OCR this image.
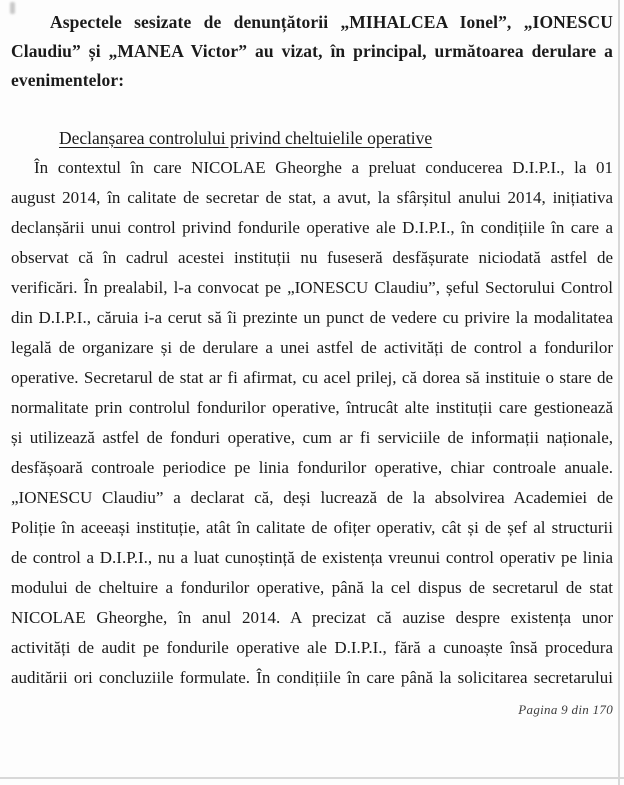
Aspectele sesizate de denunțătorii „MIHALCEA Ionel”, „IONESCU
Claudiu” și „MANEA Victor” au vizat, în principal, următoarea derulare a
evenimentelor:
Declanșarea controlului privind cheltuielile operative
În contextul în care NICOLAE Gheorghe a preluat conducerea D.I.P.I., la 01
august 2014, în calitate de secretar de stat, a avut, la sfârșitul anului 2014, inițiativa
declanșării unui control privind fondurile operative ale D.I.P.I., în condițiile în care a
observat că în cadrul acestei instituții nu fuseseră desfășurate niciodată astfel de
verificări. În prealabil, l-a convocat pe „IONESCU Claudiu”, șeful Sectorului Control
din D.I.P.I., căruia i-a cerut să îi prezinte un punct de vedere cu privire la modalitatea
legală de organizare și de derulare a unei astfel de activități de control a fondurilor
operative. Secretarul de stat ar fi afirmat, cu acel prilej, că dorea să instituie o stare de
normalitate prin controlul fondurilor operative, întrucât alte instituții care gestionează
și utilizează astfel de fonduri operative, cum ar fi serviciile de informații naționale,
desfășoară controale periodice pe linia fondurilor operative, chiar controale anuale.
„IONESCU Claudiu” a declarat că, deși lucrează de la absolvirea Academiei de
Poliție în aceeași instituție, atât în calitate de ofițer operativ, cât și de șef al structurii
de control a D.I.P.I., nu a luat cunoștință de existența vreunui control operativ pe linia
modului de cheltuire a fondurilor operative, până la cel dispus de secretarul de stat
NICOLAE Gheorghe, în anul 2014. A precizat că auzise despre existența unor
activități de audit pe fondurile operative ale D.I.P.I., fără a cunoaște însă procedura
auditării ori concluziile formulate. În condițiile în care până la solicitarea secretarului
Pagina 9 din 170
